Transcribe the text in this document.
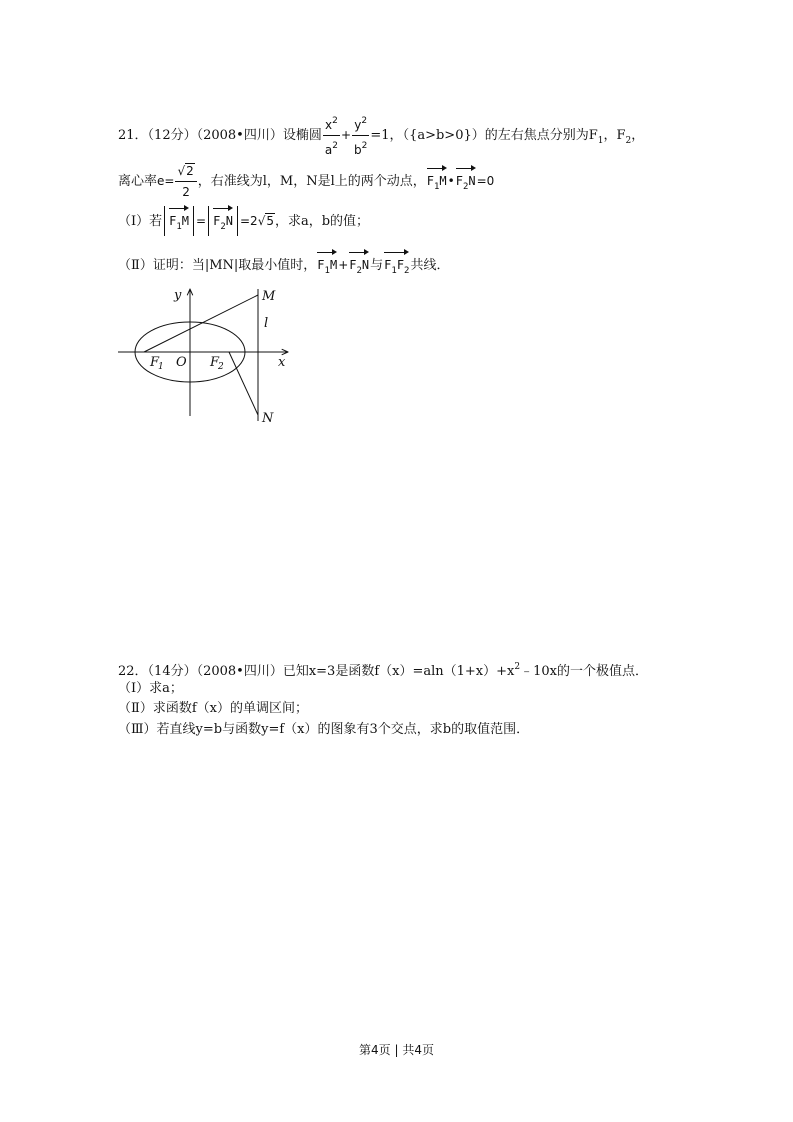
21．（12分）（2008•四川）设椭圆 $\frac{x^2}{a^2} + \frac{y^2}{b^2} =1$，（{a>b>0}）的左右焦点分别为$F_1$，$F_2$，
离心率$e= \frac{√2}{2}$ ，右准线为l，M，N是l上的两个动点，$F_1M•F_2N=0$
（Ⅰ）若 $F_1M = F_2N =2√5$，求a，b的值；
（Ⅱ）证明：当|MN|取最小值时，$F_1M+F_2N$与$F_1F_2$共线．
y
x
M
l
N
F
1 O F
2
22．（14分）（2008•四川）已知x=3是函数$f(x)=aln(1+x)+x^2﹣10x$的一个极值点．
（Ⅰ）求a；
（Ⅱ）求函数f（x）的单调区间；
（Ⅲ）若直线y=b与函数y=f（x）的图象有3个交点，求b的取值范围．
第4页 | 共4页
